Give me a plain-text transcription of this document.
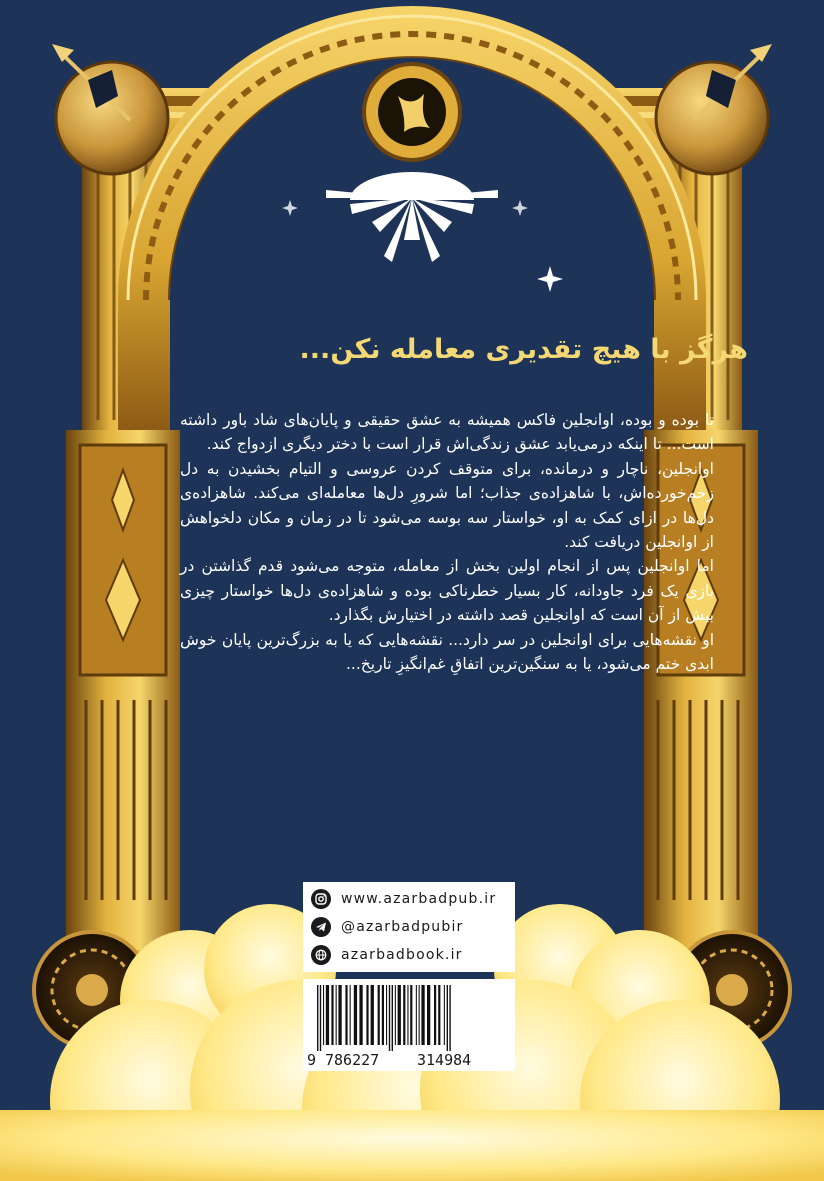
هرگز با هیچ تقدیری معامله نکن...

تا بوده و بوده، اوانجلین فاکس همیشه به عشق حقیقی و پایان‌های شاد باور داشته است... تا اینکه درمی‌یابد عشق زندگی‌اش قرار است با دختر دیگری ازدواج کند.

اوانجلین، ناچار و درمانده، برای متوقف کردن عروسی و التیام بخشیدن به دل زخم‌خورده‌اش، با شاهزاده‌ی جذاب؛ اما شرورِ دل‌ها معامله‌ای می‌کند. شاهزاده‌ی دل‌ها در ازای کمک به او، خواستار سه بوسه می‌شود تا در زمان و مکان دلخواهش از اوانجلین دریافت کند.

اما اوانجلین پس از انجام اولین بخش از معامله، متوجه می‌شود قدم گذاشتن در بازی یک فرد جاودانه، کار بسیار خطرناکی بوده و شاهزاده‌ی دل‌ها خواستار چیزی بیش از آن است که اوانجلین قصد داشته در اختیارش بگذارد.

او نقشه‌هایی برای اوانجلین در سر دارد... نقشه‌هایی که یا به بزرگ‌ترین پایان خوش ابدی ختم می‌شود، یا به سنگین‌ترین اتفاقِ غم‌انگیزِ تاریخ...

www.azarbadpub.ir
@azarbadpubir
azarbadbook.ir
9 786227	314984
